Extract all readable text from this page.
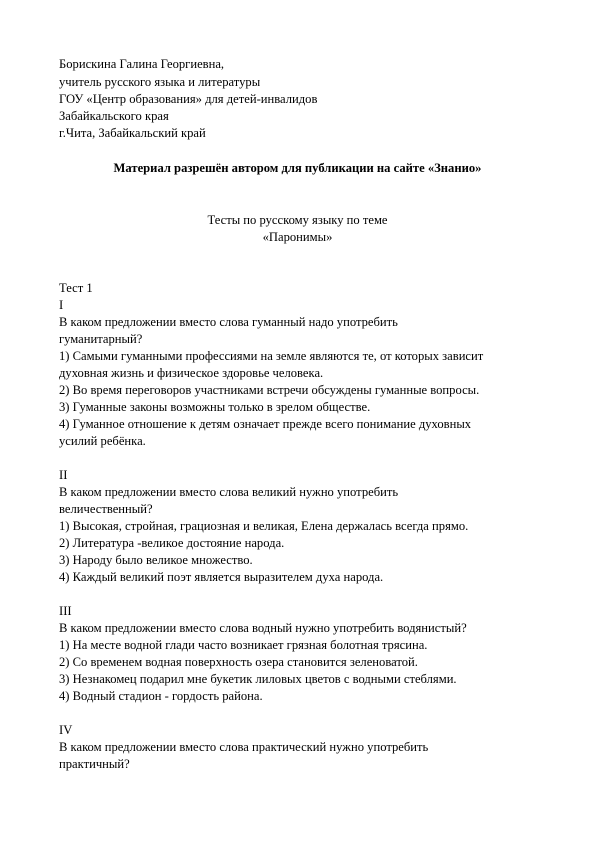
Борискина Галина Георгиевна,
учитель русского языка и литературы
ГОУ «Центр образования» для детей-инвалидов
Забайкальского края
г.Чита, Забайкальский край
Материал разрешён автором для публикации на сайте «Знанио»
Тесты по русскому языку по теме
«Паронимы»
Тест 1
I
В каком предложении вместо слова гуманный надо употребить
гуманитарный?
1) Самыми гуманными профессиями на земле являются те, от которых зависит
духовная жизнь и физическое здоровье человека.
2) Во время переговоров участниками встречи обсуждены гуманные вопросы.
3) Гуманные законы возможны только в зрелом обществе.
4) Гуманное отношение к детям означает прежде всего понимание духовных
усилий ребёнка.
II
В каком предложении вместо слова великий нужно употребить
величественный?
1) Высокая, стройная, грациозная и великая, Елена держалась всегда прямо.
2) Литература -великое достояние народа.
3) Народу было великое множество.
4) Каждый великий поэт является выразителем духа народа.
III
В каком предложении вместо слова водный нужно употребить водянистый?
1) На месте водной глади часто возникает грязная болотная трясина.
2) Со временем водная поверхность озера становится зеленоватой.
3) Незнакомец подарил мне букетик лиловых цветов с водными стеблями.
4) Водный стадион - гордость района.
IV
В каком предложении вместо слова практический нужно употребить
практичный?
